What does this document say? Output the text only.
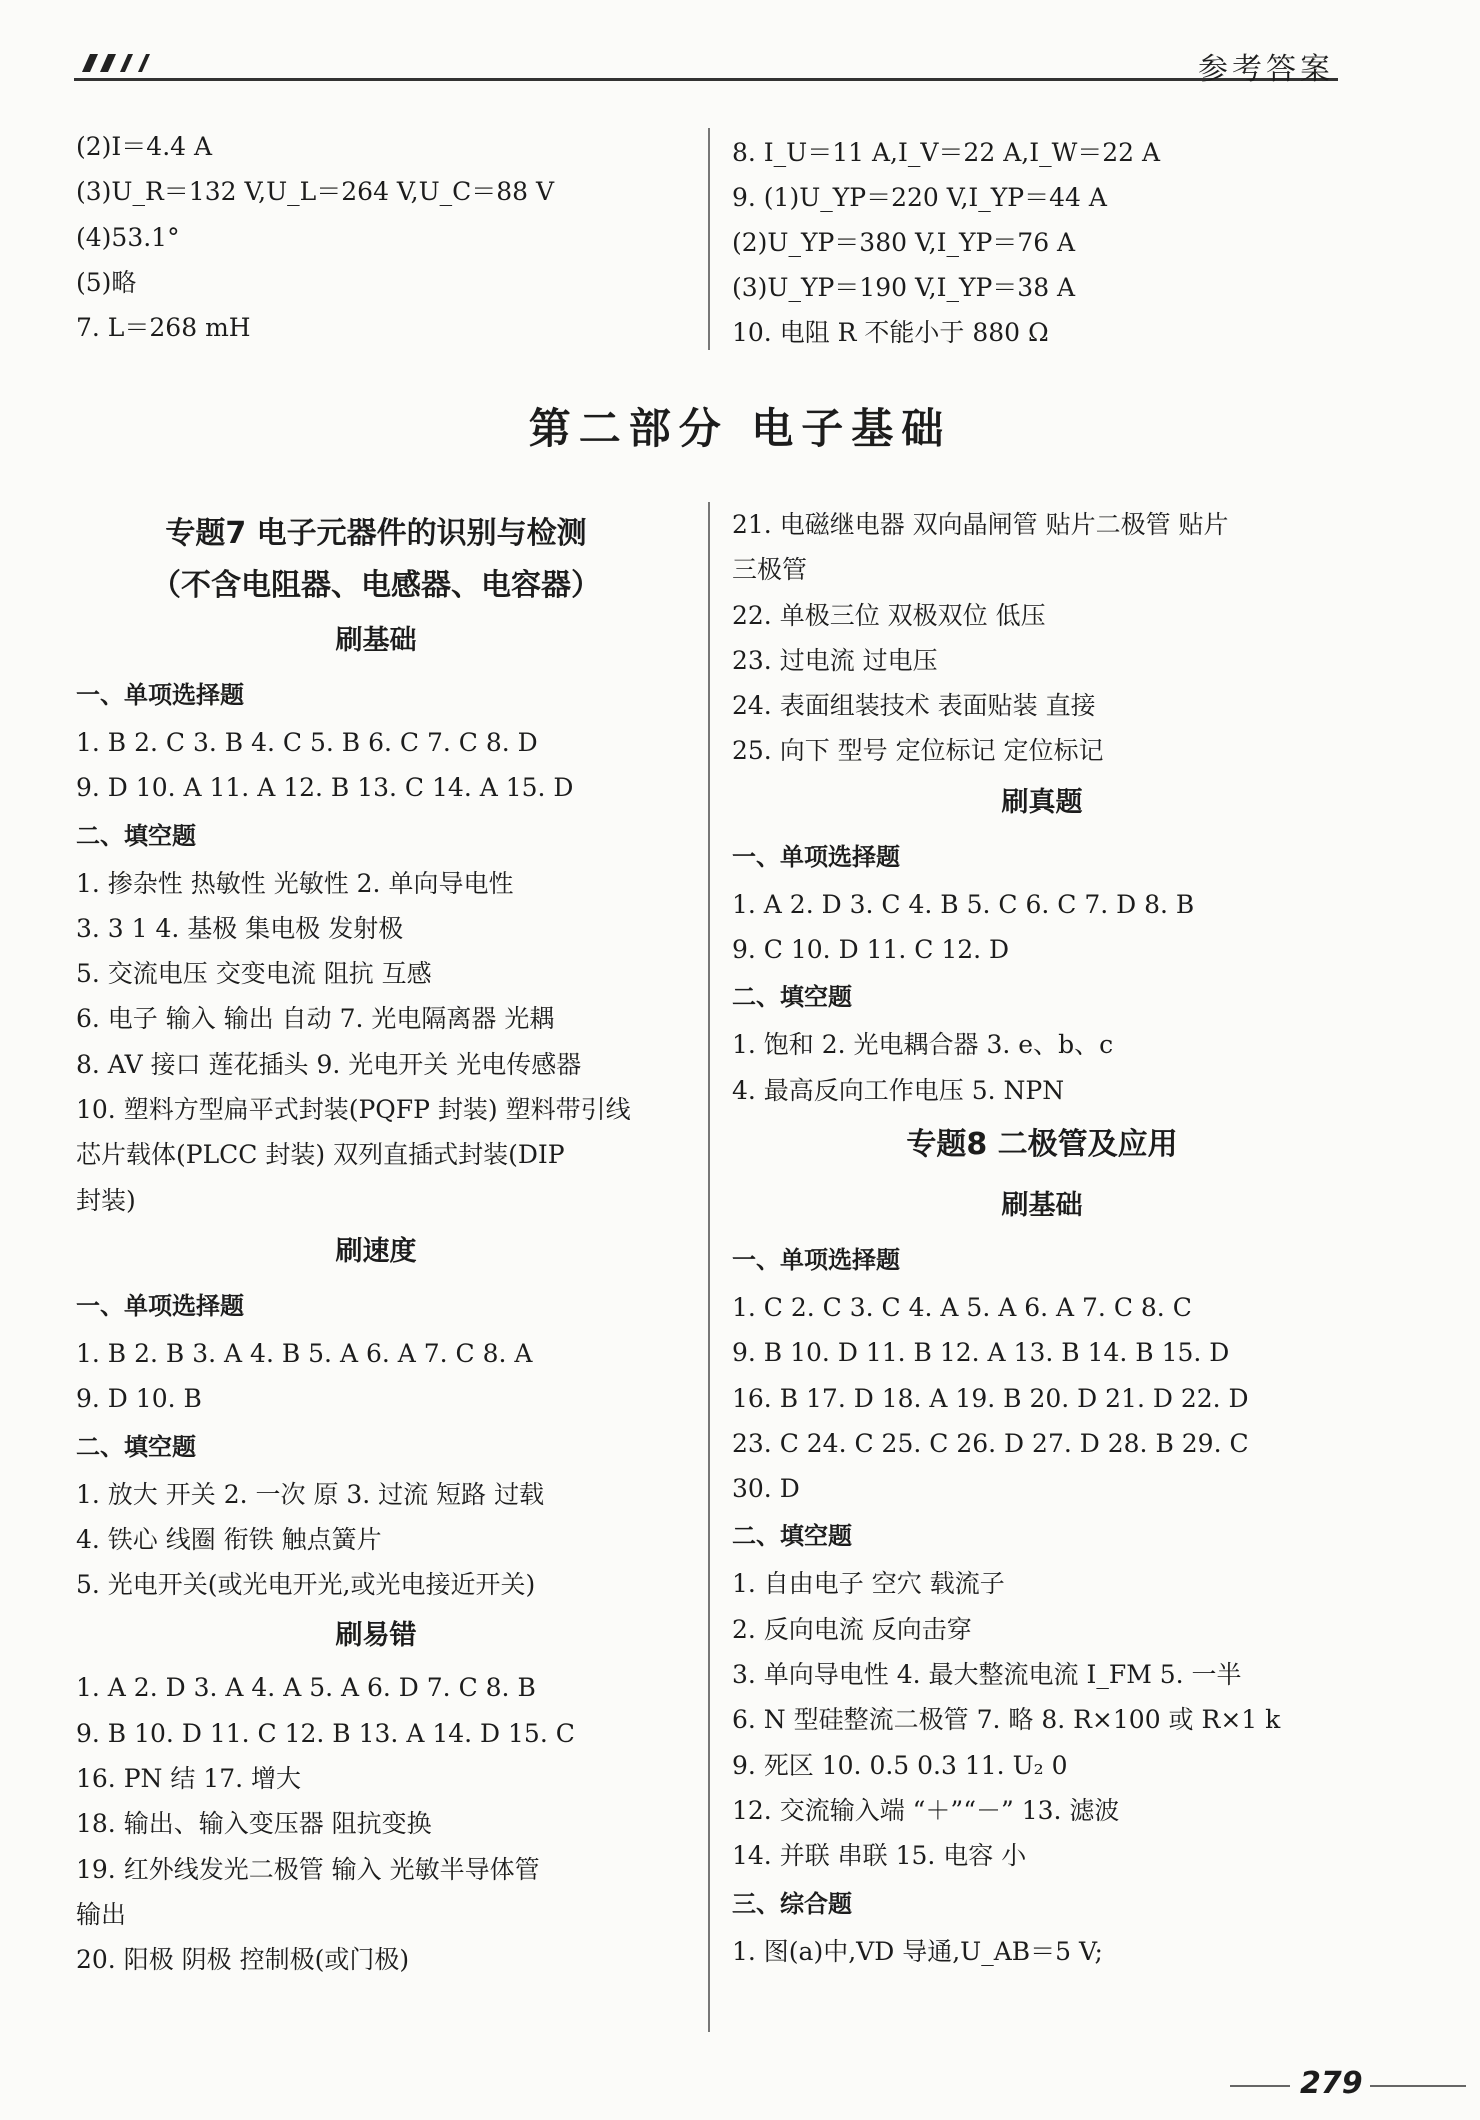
参考答案
(2)I＝4.4 A
(3)U_R＝132 V,U_L＝264 V,U_C＝88 V
(4)53.1°
(5)略
7. L＝268 mH
8. I_U＝11 A,I_V＝22 A,I_W＝22 A
9. (1)U_YP＝220 V,I_YP＝44 A
(2)U_YP＝380 V,I_YP＝76 A
(3)U_YP＝190 V,I_YP＝38 A
10. 电阻 R 不能小于 880 Ω
第二部分 电子基础
专题7 电子元器件的识别与检测
（不含电阻器、电感器、电容器）
刷基础
一、单项选择题
1. B 2. C 3. B 4. C 5. B 6. C 7. C 8. D
9. D 10. A 11. A 12. B 13. C 14. A 15. D
二、填空题
1. 掺杂性 热敏性 光敏性 2. 单向导电性
3. 3 1 4. 基极 集电极 发射极
5. 交流电压 交变电流 阻抗 互感
6. 电子 输入 输出 自动 7. 光电隔离器 光耦
8. AV 接口 莲花插头 9. 光电开关 光电传感器
10. 塑料方型扁平式封装(PQFP 封装) 塑料带引线
芯片载体(PLCC 封装) 双列直插式封装(DIP
封装)
刷速度
一、单项选择题
1. B 2. B 3. A 4. B 5. A 6. A 7. C 8. A
9. D 10. B
二、填空题
1. 放大 开关 2. 一次 原 3. 过流 短路 过载
4. 铁心 线圈 衔铁 触点簧片
5. 光电开关(或光电开光,或光电接近开关)
刷易错
1. A 2. D 3. A 4. A 5. A 6. D 7. C 8. B
9. B 10. D 11. C 12. B 13. A 14. D 15. C
16. PN 结 17. 增大
18. 输出、输入变压器 阻抗变换
19. 红外线发光二极管 输入 光敏半导体管
输出
20. 阳极 阴极 控制极(或门极)
21. 电磁继电器 双向晶闸管 贴片二极管 贴片
三极管
22. 单极三位 双极双位 低压
23. 过电流 过电压
24. 表面组装技术 表面贴装 直接
25. 向下 型号 定位标记 定位标记
刷真题
一、单项选择题
1. A 2. D 3. C 4. B 5. C 6. C 7. D 8. B
9. C 10. D 11. C 12. D
二、填空题
1. 饱和 2. 光电耦合器 3. e、b、c
4. 最高反向工作电压 5. NPN
专题8 二极管及应用
刷基础
一、单项选择题
1. C 2. C 3. C 4. A 5. A 6. A 7. C 8. C
9. B 10. D 11. B 12. A 13. B 14. B 15. D
16. B 17. D 18. A 19. B 20. D 21. D 22. D
23. C 24. C 25. C 26. D 27. D 28. B 29. C
30. D
二、填空题
1. 自由电子 空穴 载流子
2. 反向电流 反向击穿
3. 单向导电性 4. 最大整流电流 I_FM 5. 一半
6. N 型硅整流二极管 7. 略 8. R×100 或 R×1 k
9. 死区 10. 0.5 0.3 11. U₂ 0
12. 交流输入端 “＋”“－” 13. 滤波
14. 并联 串联 15. 电容 小
三、综合题
1. 图(a)中,VD 导通,U_AB＝5 V;
279
